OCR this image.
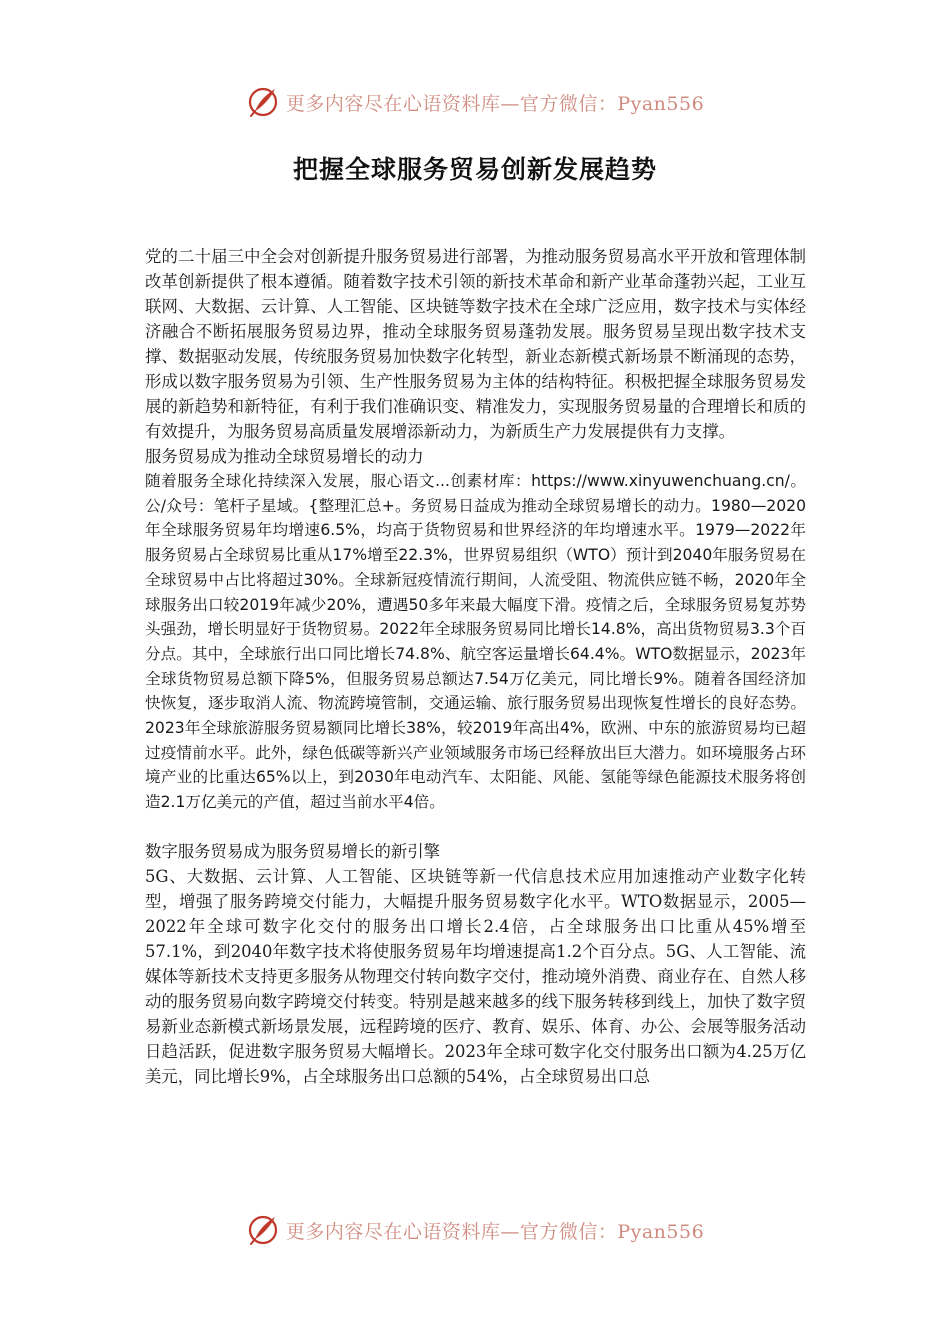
更多内容尽在心语资料库—官方微信：Pyan556
把握全球服务贸易创新发展趋势

党的二十届三中全会对创新提升服务贸易进行部署，为推动服务贸易高水平开放和管理体制改革创新提供了根本遵循。随着数字技术引领的新技术革命和新产业革命蓬勃兴起，工业互联网、大数据、云计算、人工智能、区块链等数字技术在全球广泛应用，数字技术与实体经济融合不断拓展服务贸易边界，推动全球服务贸易蓬勃发展。服务贸易呈现出数字技术支撑、数据驱动发展，传统服务贸易加快数字化转型，新业态新模式新场景不断涌现的态势，形成以数字服务贸易为引领、生产性服务贸易为主体的结构特征。积极把握全球服务贸易发展的新趋势和新特征，有利于我们准确识变、精准发力，实现服务贸易量的合理增长和质的有效提升，为服务贸易高质量发展增添新动力，为新质生产力发展提供有力支撑。

服务贸易成为推动全球贸易增长的动力

随着服务全球化持续深入发展，服心语文...创素材库：https://www.xinyuwenchuang.cn/。公/众号：笔杆子星域。{整理汇总+。务贸易日益成为推动全球贸易增长的动力。1980—2020年全球服务贸易年均增速6.5%，均高于货物贸易和世界经济的年均增速水平。1979—2022年服务贸易占全球贸易比重从17%增至22.3%，世界贸易组织（WTO）预计到2040年服务贸易在全球贸易中占比将超过30%。全球新冠疫情流行期间，人流受阻、物流供应链不畅，2020年全球服务出口较2019年减少20%，遭遇50多年来最大幅度下滑。疫情之后，全球服务贸易复苏势头强劲，增长明显好于货物贸易。2022年全球服务贸易同比增长14.8%，高出货物贸易3.3个百分点。其中，全球旅行出口同比增长74.8%、航空客运量增长64.4%。WTO数据显示，2023年全球货物贸易总额下降5%，但服务贸易总额达7.54万亿美元，同比增长9%。随着各国经济加快恢复，逐步取消人流、物流跨境管制，交通运输、旅行服务贸易出现恢复性增长的良好态势。2023年全球旅游服务贸易额同比增长38%，较2019年高出4%，欧洲、中东的旅游贸易均已超过疫情前水平。此外，绿色低碳等新兴产业领域服务市场已经释放出巨大潜力。如环境服务占环境产业的比重达65%以上，到2030年电动汽车、太阳能、风能、氢能等绿色能源技术服务将创造2.1万亿美元的产值，超过当前水平4倍。

数字服务贸易成为服务贸易增长的新引擎

5G、大数据、云计算、人工智能、区块链等新一代信息技术应用加速推动产业数字化转型，增强了服务跨境交付能力，大幅提升服务贸易数字化水平。WTO数据显示，2005—2022年全球可数字化交付的服务出口增长2.4倍，占全球服务出口比重从45%增至57.1%，到2040年数字技术将使服务贸易年均增速提高1.2个百分点。5G、人工智能、流媒体等新技术支持更多服务从物理交付转向数字交付，推动境外消费、商业存在、自然人移动的服务贸易向数字跨境交付转变。特别是越来越多的线下服务转移到线上，加快了数字贸易新业态新模式新场景发展，远程跨境的医疗、教育、娱乐、体育、办公、会展等服务活动日趋活跃，促进数字服务贸易大幅增长。2023年全球可数字化交付服务出口额为4.25万亿美元，同比增长9%，占全球服务出口总额的54%，占全球贸易出口总

更多内容尽在心语资料库—官方微信：Pyan556
